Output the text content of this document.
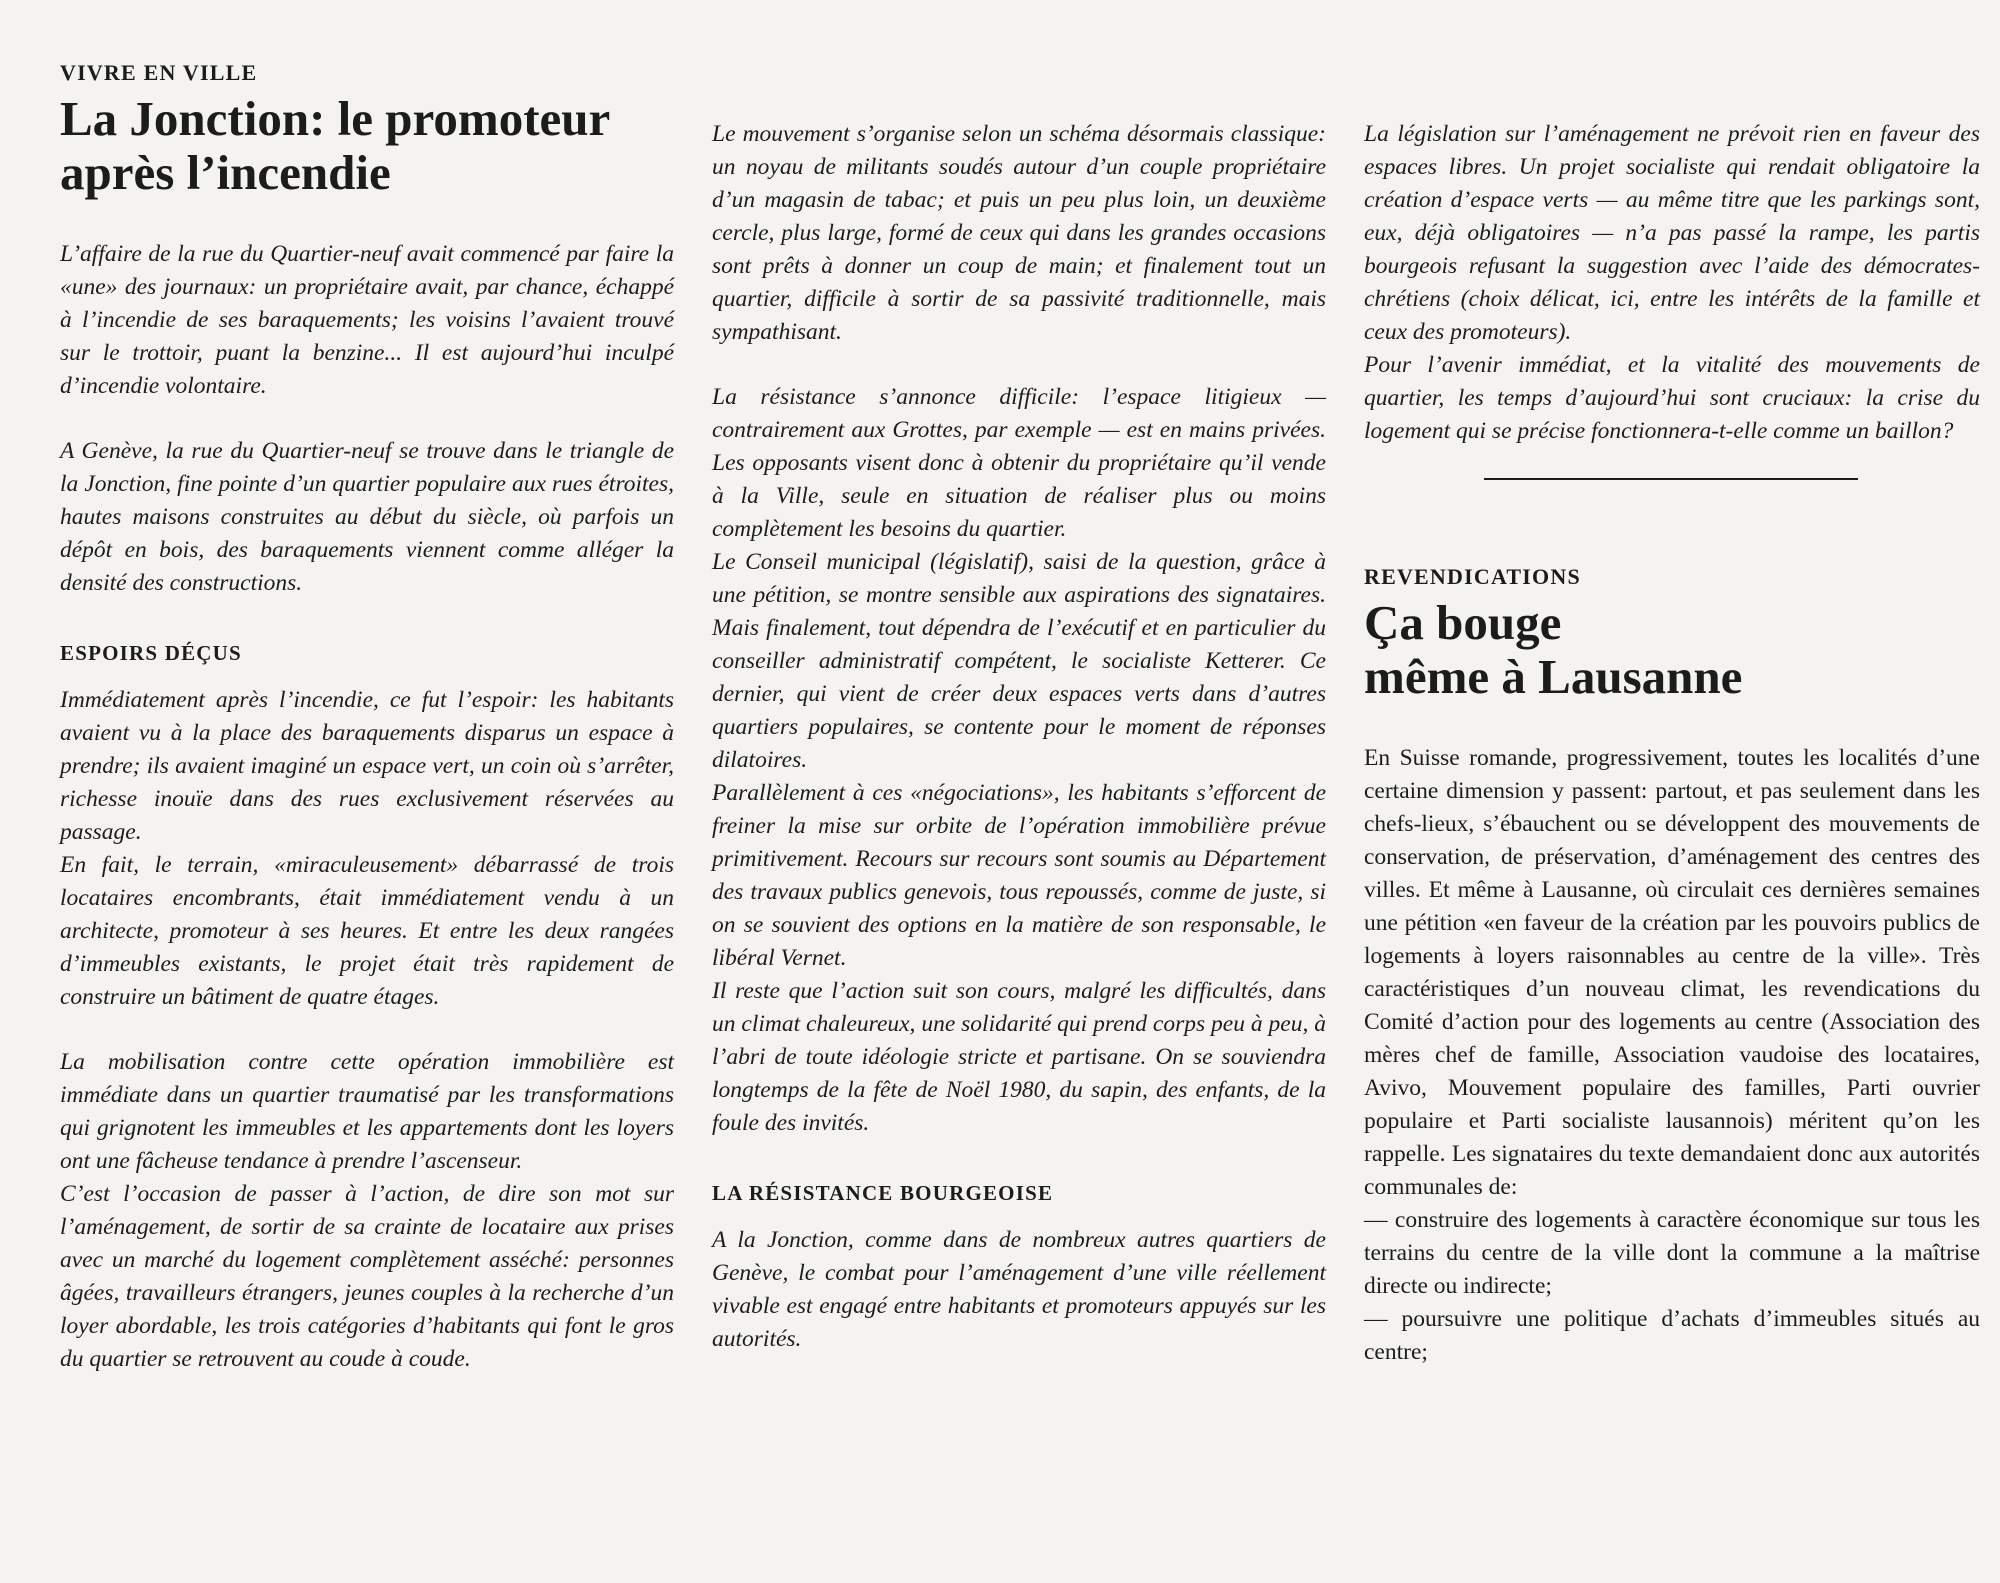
VIVRE EN VILLE
La Jonction: le promoteur
après l’incendie

L’affaire de la rue du Quartier-neuf avait commencé par faire la «une» des journaux: un propriétaire avait, par chance, échappé à l’incendie de ses baraquements; les voisins l’avaient trouvé sur le trottoir, puant la benzine... Il est aujourd’hui inculpé d’incendie volontaire.

A Genève, la rue du Quartier-neuf se trouve dans le triangle de la Jonction, fine pointe d’un quartier populaire aux rues étroites, hautes maisons construites au début du siècle, où parfois un dépôt en bois, des baraquements viennent comme alléger la densité des constructions.

ESPOIRS DÉÇUS

Immédiatement après l’incendie, ce fut l’espoir: les habitants avaient vu à la place des baraquements disparus un espace à prendre; ils avaient imaginé un espace vert, un coin où s’arrêter, richesse inouïe dans des rues exclusivement réservées au passage.

En fait, le terrain, «miraculeusement» débarrassé de trois locataires encombrants, était immédiatement vendu à un architecte, promoteur à ses heures. Et entre les deux rangées d’immeubles existants, le projet était très rapidement de construire un bâtiment de quatre étages.

La mobilisation contre cette opération immobilière est immédiate dans un quartier traumatisé par les transformations qui grignotent les immeubles et les appartements dont les loyers ont une fâcheuse tendance à prendre l’ascenseur.

C’est l’occasion de passer à l’action, de dire son mot sur l’aménagement, de sortir de sa crainte de locataire aux prises avec un marché du logement complètement asséché: personnes âgées, travailleurs étrangers, jeunes couples à la recherche d’un loyer abordable, les trois catégories d’habitants qui font le gros du quartier se retrouvent au coude à coude.

Le mouvement s’organise selon un schéma désormais classique: un noyau de militants soudés autour d’un couple propriétaire d’un magasin de tabac; et puis un peu plus loin, un deuxième cercle, plus large, formé de ceux qui dans les grandes occasions sont prêts à donner un coup de main; et finalement tout un quartier, difficile à sortir de sa passivité traditionnelle, mais sympathisant.

La résistance s’annonce difficile: l’espace litigieux — contrairement aux Grottes, par exemple — est en mains privées. Les opposants visent donc à obtenir du propriétaire qu’il vende à la Ville, seule en situation de réaliser plus ou moins complètement les besoins du quartier.

Le Conseil municipal (législatif), saisi de la question, grâce à une pétition, se montre sensible aux aspirations des signataires. Mais finalement, tout dépendra de l’exécutif et en particulier du conseiller administratif compétent, le socialiste Ketterer. Ce dernier, qui vient de créer deux espaces verts dans d’autres quartiers populaires, se contente pour le moment de réponses dilatoires.

Parallèlement à ces «négociations», les habitants s’efforcent de freiner la mise sur orbite de l’opération immobilière prévue primitivement. Recours sur recours sont soumis au Département des travaux publics genevois, tous repoussés, comme de juste, si on se souvient des options en la matière de son responsable, le libéral Vernet.

Il reste que l’action suit son cours, malgré les difficultés, dans un climat chaleureux, une solidarité qui prend corps peu à peu, à l’abri de toute idéologie stricte et partisane. On se souviendra longtemps de la fête de Noël 1980, du sapin, des enfants, de la foule des invités.

LA RÉSISTANCE BOURGEOISE

A la Jonction, comme dans de nombreux autres quartiers de Genève, le combat pour l’aménagement d’une ville réellement vivable est engagé entre habitants et promoteurs appuyés sur les autorités.

La législation sur l’aménagement ne prévoit rien en faveur des espaces libres. Un projet socialiste qui rendait obligatoire la création d’espace verts — au même titre que les parkings sont, eux, déjà obligatoires — n’a pas passé la rampe, les partis bourgeois refusant la suggestion avec l’aide des démocrates-chrétiens (choix délicat, ici, entre les intérêts de la famille et ceux des promoteurs).

Pour l’avenir immédiat, et la vitalité des mouvements de quartier, les temps d’aujourd’hui sont cruciaux: la crise du logement qui se précise fonctionnera-t-elle comme un baillon?

REVENDICATIONS
Ça bouge
même à Lausanne

En Suisse romande, progressivement, toutes les localités d’une certaine dimension y passent: partout, et pas seulement dans les chefs-lieux, s’ébauchent ou se développent des mouvements de conservation, de préservation, d’aménagement des centres des villes. Et même à Lausanne, où circulait ces dernières semaines une pétition «en faveur de la création par les pouvoirs publics de logements à loyers raisonnables au centre de la ville». Très caractéristiques d’un nouveau climat, les revendications du Comité d’action pour des logements au centre (Association des mères chef de famille, Association vaudoise des locataires, Avivo, Mouvement populaire des familles, Parti ouvrier populaire et Parti socialiste lausannois) méritent qu’on les rappelle. Les signataires du texte demandaient donc aux autorités communales de:

— construire des logements à caractère économique sur tous les terrains du centre de la ville dont la commune a la maîtrise directe ou indirecte;

— poursuivre une politique d’achats d’immeubles situés au centre;
